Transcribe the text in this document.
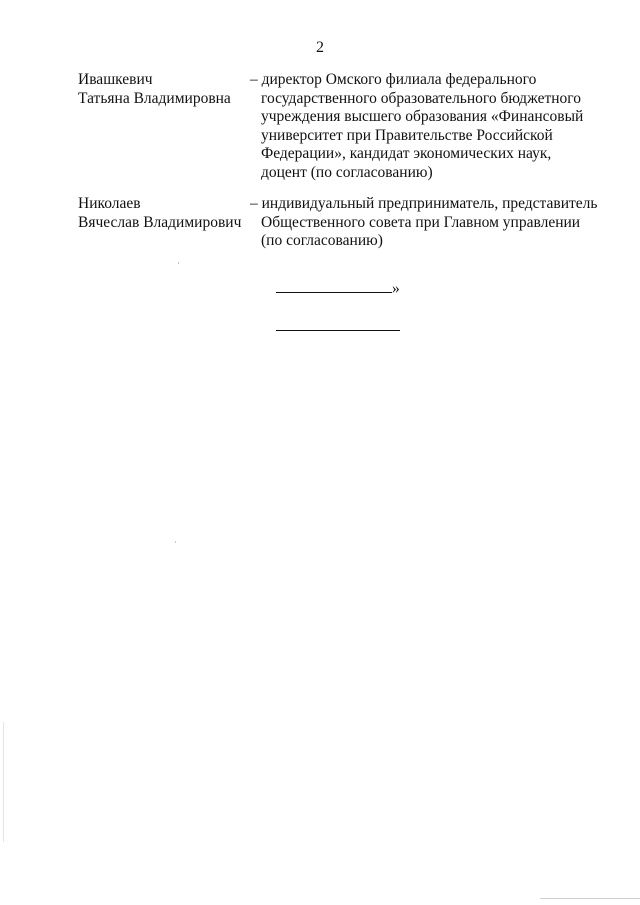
2
Ивашкевич
Татьяна Владимировна
– директор Омского филиала федерального
государственного образовательного бюджетного
учреждения высшего образования «Финансовый
университет при Правительстве Российской
Федерации», кандидат экономических наук,
доцент (по согласованию)
Николаев
Вячеслав Владимирович
– индивидуальный предприниматель, представитель
Общественного совета при Главном управлении
(по согласованию)
»
